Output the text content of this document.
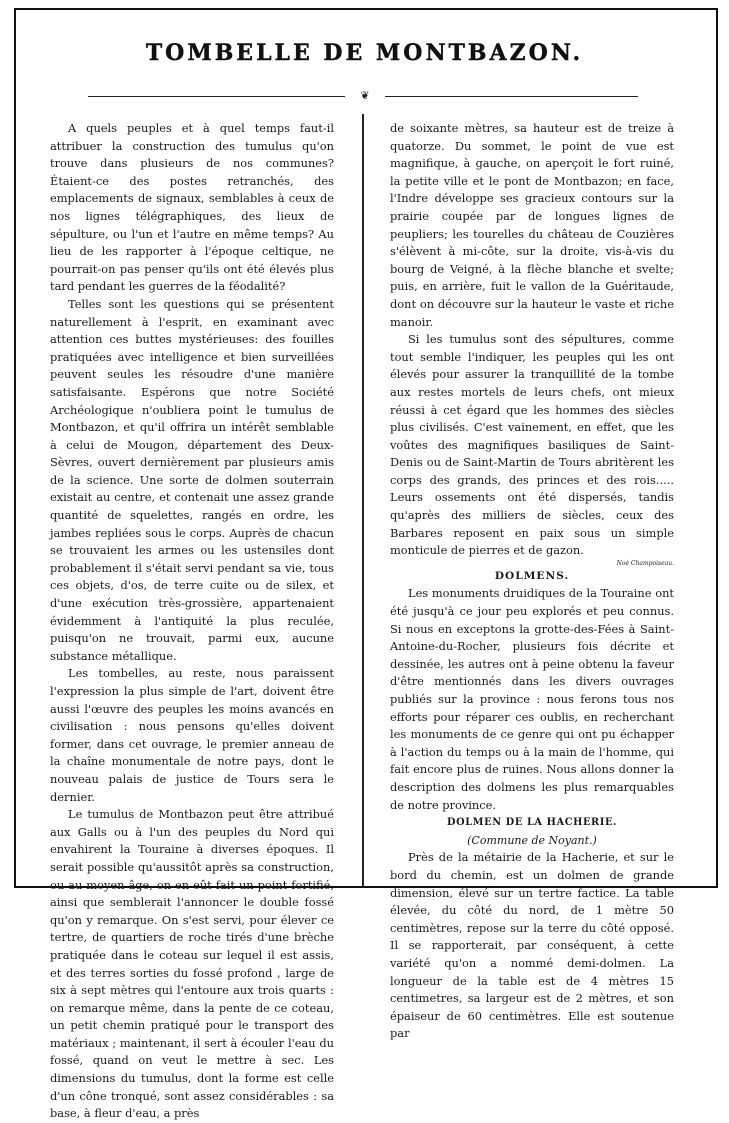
TOMBELLE DE MONTBAZON.
❦

A quels peuples et à quel temps faut-il attribuer la construction des tumulus qu'on trouve dans plusieurs de nos communes? Étaient-ce des postes retranchés, des emplacements de signaux, semblables à ceux de nos lignes télégraphiques, des lieux de sépulture, ou l'un et l'autre en même temps? Au lieu de les rapporter à l'époque celtique, ne pourrait-on pas penser qu'ils ont été élevés plus tard pendant les guerres de la féodalité?

Telles sont les questions qui se présentent naturellement à l'esprit, en examinant avec attention ces buttes mystérieuses: des fouilles pratiquées avec intelligence et bien surveillées peuvent seules les résoudre d'une manière satisfaisante. Espérons que notre Société Archéologique n'oubliera point le tumulus de Montbazon, et qu'il offrira un intérêt semblable à celui de Mougon, département des Deux-Sèvres, ouvert dernièrement par plusieurs amis de la science. Une sorte de dolmen souterrain existait au centre, et contenait une assez grande quantité de squelettes, rangés en ordre, les jambes repliées sous le corps. Auprès de chacun se trouvaient les armes ou les ustensiles dont probablement il s'était servi pendant sa vie, tous ces objets, d'os, de terre cuite ou de silex, et d'une exécution très-grossière, appartenaient évidemment à l'antiquité la plus reculée, puisqu'on ne trouvait, parmi eux, aucune substance métallique.

Les tombelles, au reste, nous paraissent l'expression la plus simple de l'art, doivent être aussi l'œuvre des peuples les moins avancés en civilisation : nous pensons qu'elles doivent former, dans cet ouvrage, le premier anneau de la chaîne monumentale de notre pays, dont le nouveau palais de justice de Tours sera le dernier.

Le tumulus de Montbazon peut être attribué aux Galls ou à l'un des peuples du Nord qui envahirent la Touraine à diverses époques. Il serait possible qu'aussitôt après sa construction, ou au moyen âge, on en eût fait un point fortifié, ainsi que semblerait l'annoncer le double fossé qu'on y remarque. On s'est servi, pour élever ce tertre, de quartiers de roche tirés d'une brèche pratiquée dans le coteau sur lequel il est assis, et des terres sorties du fossé profond , large de six à sept mètres qui l'entoure aux trois quarts : on remarque même, dans la pente de ce coteau, un petit chemin pratiqué pour le transport des matériaux ; maintenant, il sert à écouler l'eau du fossé, quand on veut le mettre à sec. Les dimensions du tumulus, dont la forme est celle d'un cône tronqué, sont assez considérables : sa base, à fleur d'eau, a près

de soixante mètres, sa hauteur est de treize à quatorze. Du sommet, le point de vue est magnifique, à gauche, on aperçoit le fort ruiné, la petite ville et le pont de Montbazon; en face, l'Indre développe ses gracieux contours sur la prairie coupée par de longues lignes de peupliers; les tourelles du château de Couzières s'élèvent à mi-côte, sur la droite, vis-à-vis du bourg de Veigné, à la flèche blanche et svelte; puis, en arrière, fuit le vallon de la Guéritaude, dont on découvre sur la hauteur le vaste et riche manoir.

Si les tumulus sont des sépultures, comme tout semble l'indiquer, les peuples qui les ont élevés pour assurer la tranquillité de la tombe aux restes mortels de leurs chefs, ont mieux réussi à cet égard que les hommes des siècles plus civilisés. C'est vainement, en effet, que les voûtes des magnifiques basiliques de Saint-Denis ou de Saint-Martin de Tours abritèrent les corps des grands, des princes et des rois..... Leurs ossements ont été dispersés, tandis qu'après des milliers de siècles, ceux des Barbares reposent en paix sous un simple monticule de pierres et de gazon.

Noé Champoiseau.

DOLMENS.

Les monuments druidiques de la Touraine ont été jusqu'à ce jour peu explorés et peu connus. Si nous en exceptons la grotte-des-Fées à Saint-Antoine-du-Rocher, plusieurs fois décrite et dessinée, les autres ont à peine obtenu la faveur d'être mentionnés dans les divers ouvrages publiés sur la province : nous ferons tous nos efforts pour réparer ces oublis, en recherchant les monuments de ce genre qui ont pu échapper à l'action du temps ou à la main de l'homme, qui fait encore plus de ruines. Nous allons donner la description des dolmens les plus remarquables de notre province.

DOLMEN DE LA HACHERIE.

(Commune de Noyant.)

Près de la métairie de la Hacherie, et sur le bord du chemin, est un dolmen de grande dimension, élevé sur un tertre factice. La table élevée, du côté du nord, de 1 mètre 50 centimètres, repose sur la terre du côté opposé. Il se rapporterait, par conséquent, à cette variété qu'on a nommé demi-dolmen. La longueur de la table est de 4 mètres 15 centimetres, sa largeur est de 2 mètres, et son épaiseur de 60 centimètres. Elle est soutenue par
